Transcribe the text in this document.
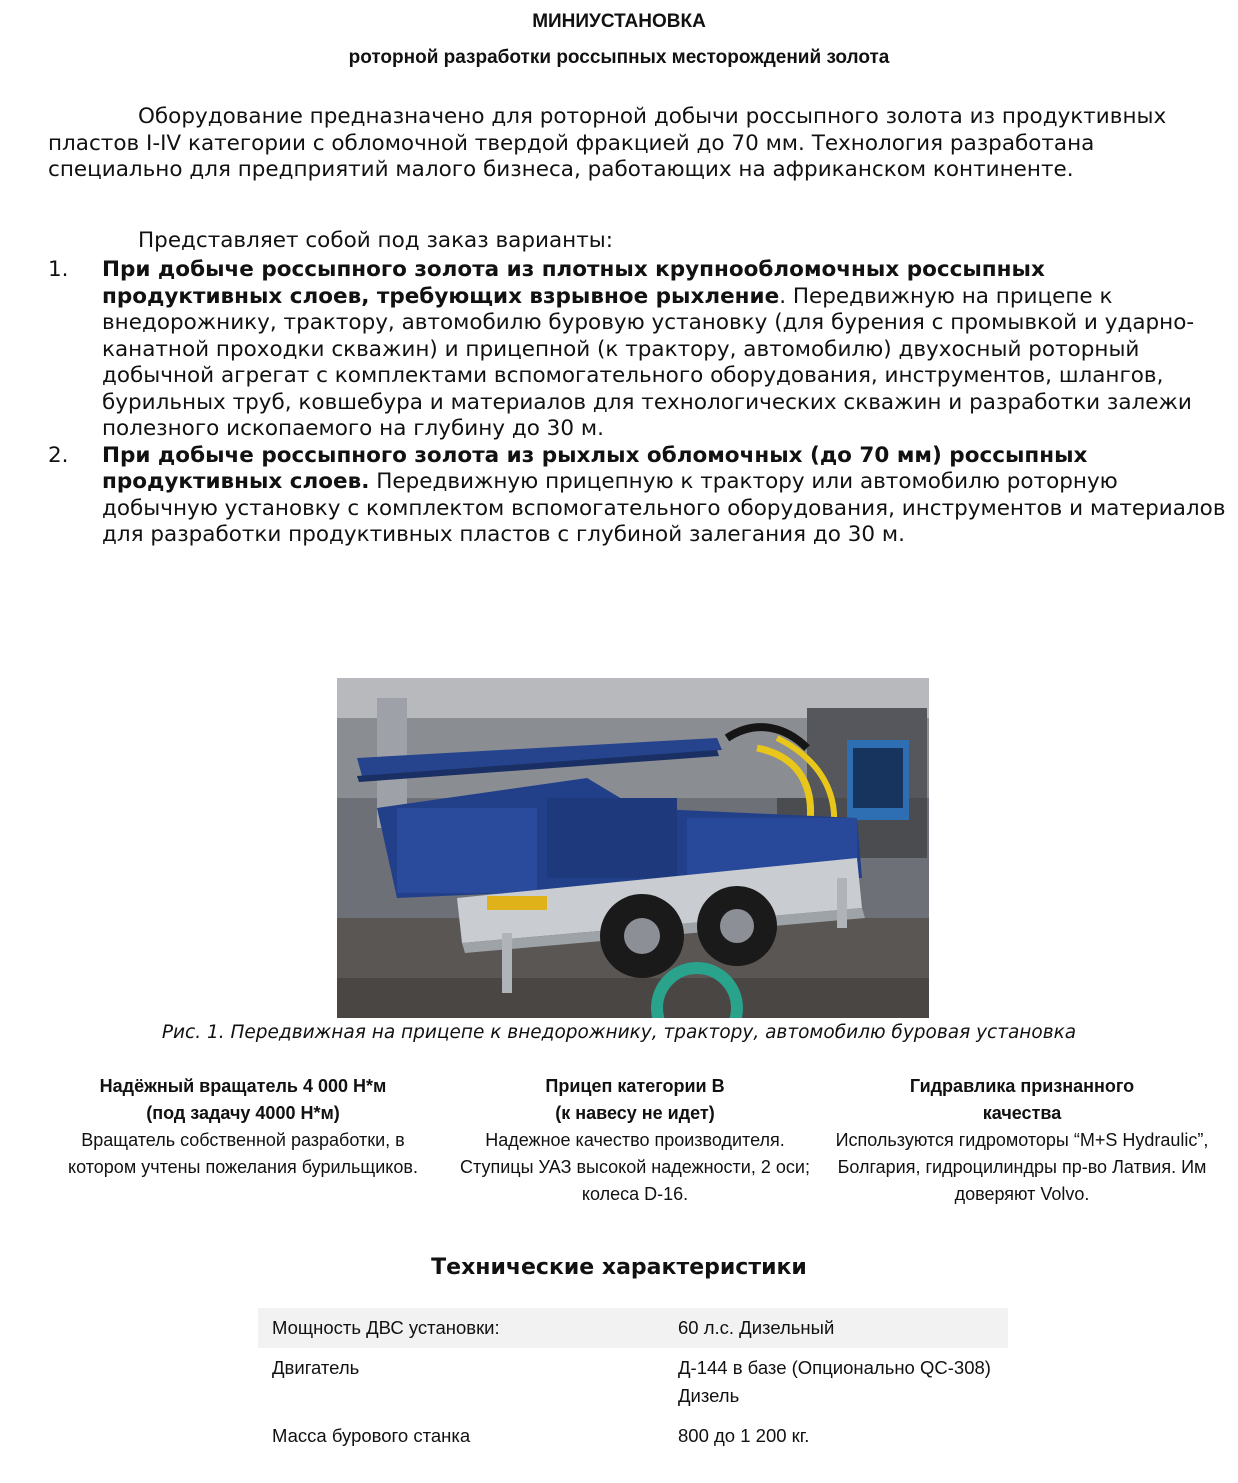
МИНИУСТАНОВКА
роторной разработки россыпных месторождений золота
Оборудование предназначено для роторной добычи россыпного золота из продуктивных пластов I-IV категории с обломочной твердой фракцией до 70 мм. Технология разработана специально для предприятий малого бизнеса, работающих на африканском континенте.
Представляет собой под заказ варианты:
1. При добыче россыпного золота из плотных крупнообломочных россыпных продуктивных слоев, требующих взрывное рыхление. Передвижную на прицепе к внедорожнику, трактору, автомобилю буровую установку (для бурения с промывкой и ударно-канатной проходки скважин) и прицепной (к трактору, автомобилю) двухосный роторный добычной агрегат с комплектами вспомогательного оборудования, инструментов, шлангов, бурильных труб, ковшебура и материалов для технологических скважин и разработки залежи полезного ископаемого на глубину до 30 м.
2. При добыче россыпного золота из рыхлых обломочных (до 70 мм) россыпных продуктивных слоев. Передвижную прицепную к трактору или автомобилю роторную добычную установку с комплектом вспомогательного оборудования, инструментов и материалов для разработки продуктивных пластов с глубиной залегания до 30 м.
Рис. 1. Передвижная на прицепе к внедорожнику, трактору, автомобилю буровая установка
Надёжный вращатель 4 000 Н*м
(под задачу 4000 Н*м)
Вращатель собственной разработки, в котором учтены пожелания бурильщиков.
Прицеп категории В
(к навесу не идет)
Надежное качество производителя. Ступицы УАЗ высокой надежности, 2 оси; колеса D-16.
Гидравлика признанного
качества
Используются гидромоторы “M+S Hydraulic”, Болгария, гидроцилиндры пр-во Латвия. Им доверяют Volvo.
Технические характеристики
Мощность ДВС установки:	60 л.с. Дизельный
Двигатель	Д-144 в базе (Опционально QC-308) Дизель
Масса бурового станка	800 до 1 200 кг.
